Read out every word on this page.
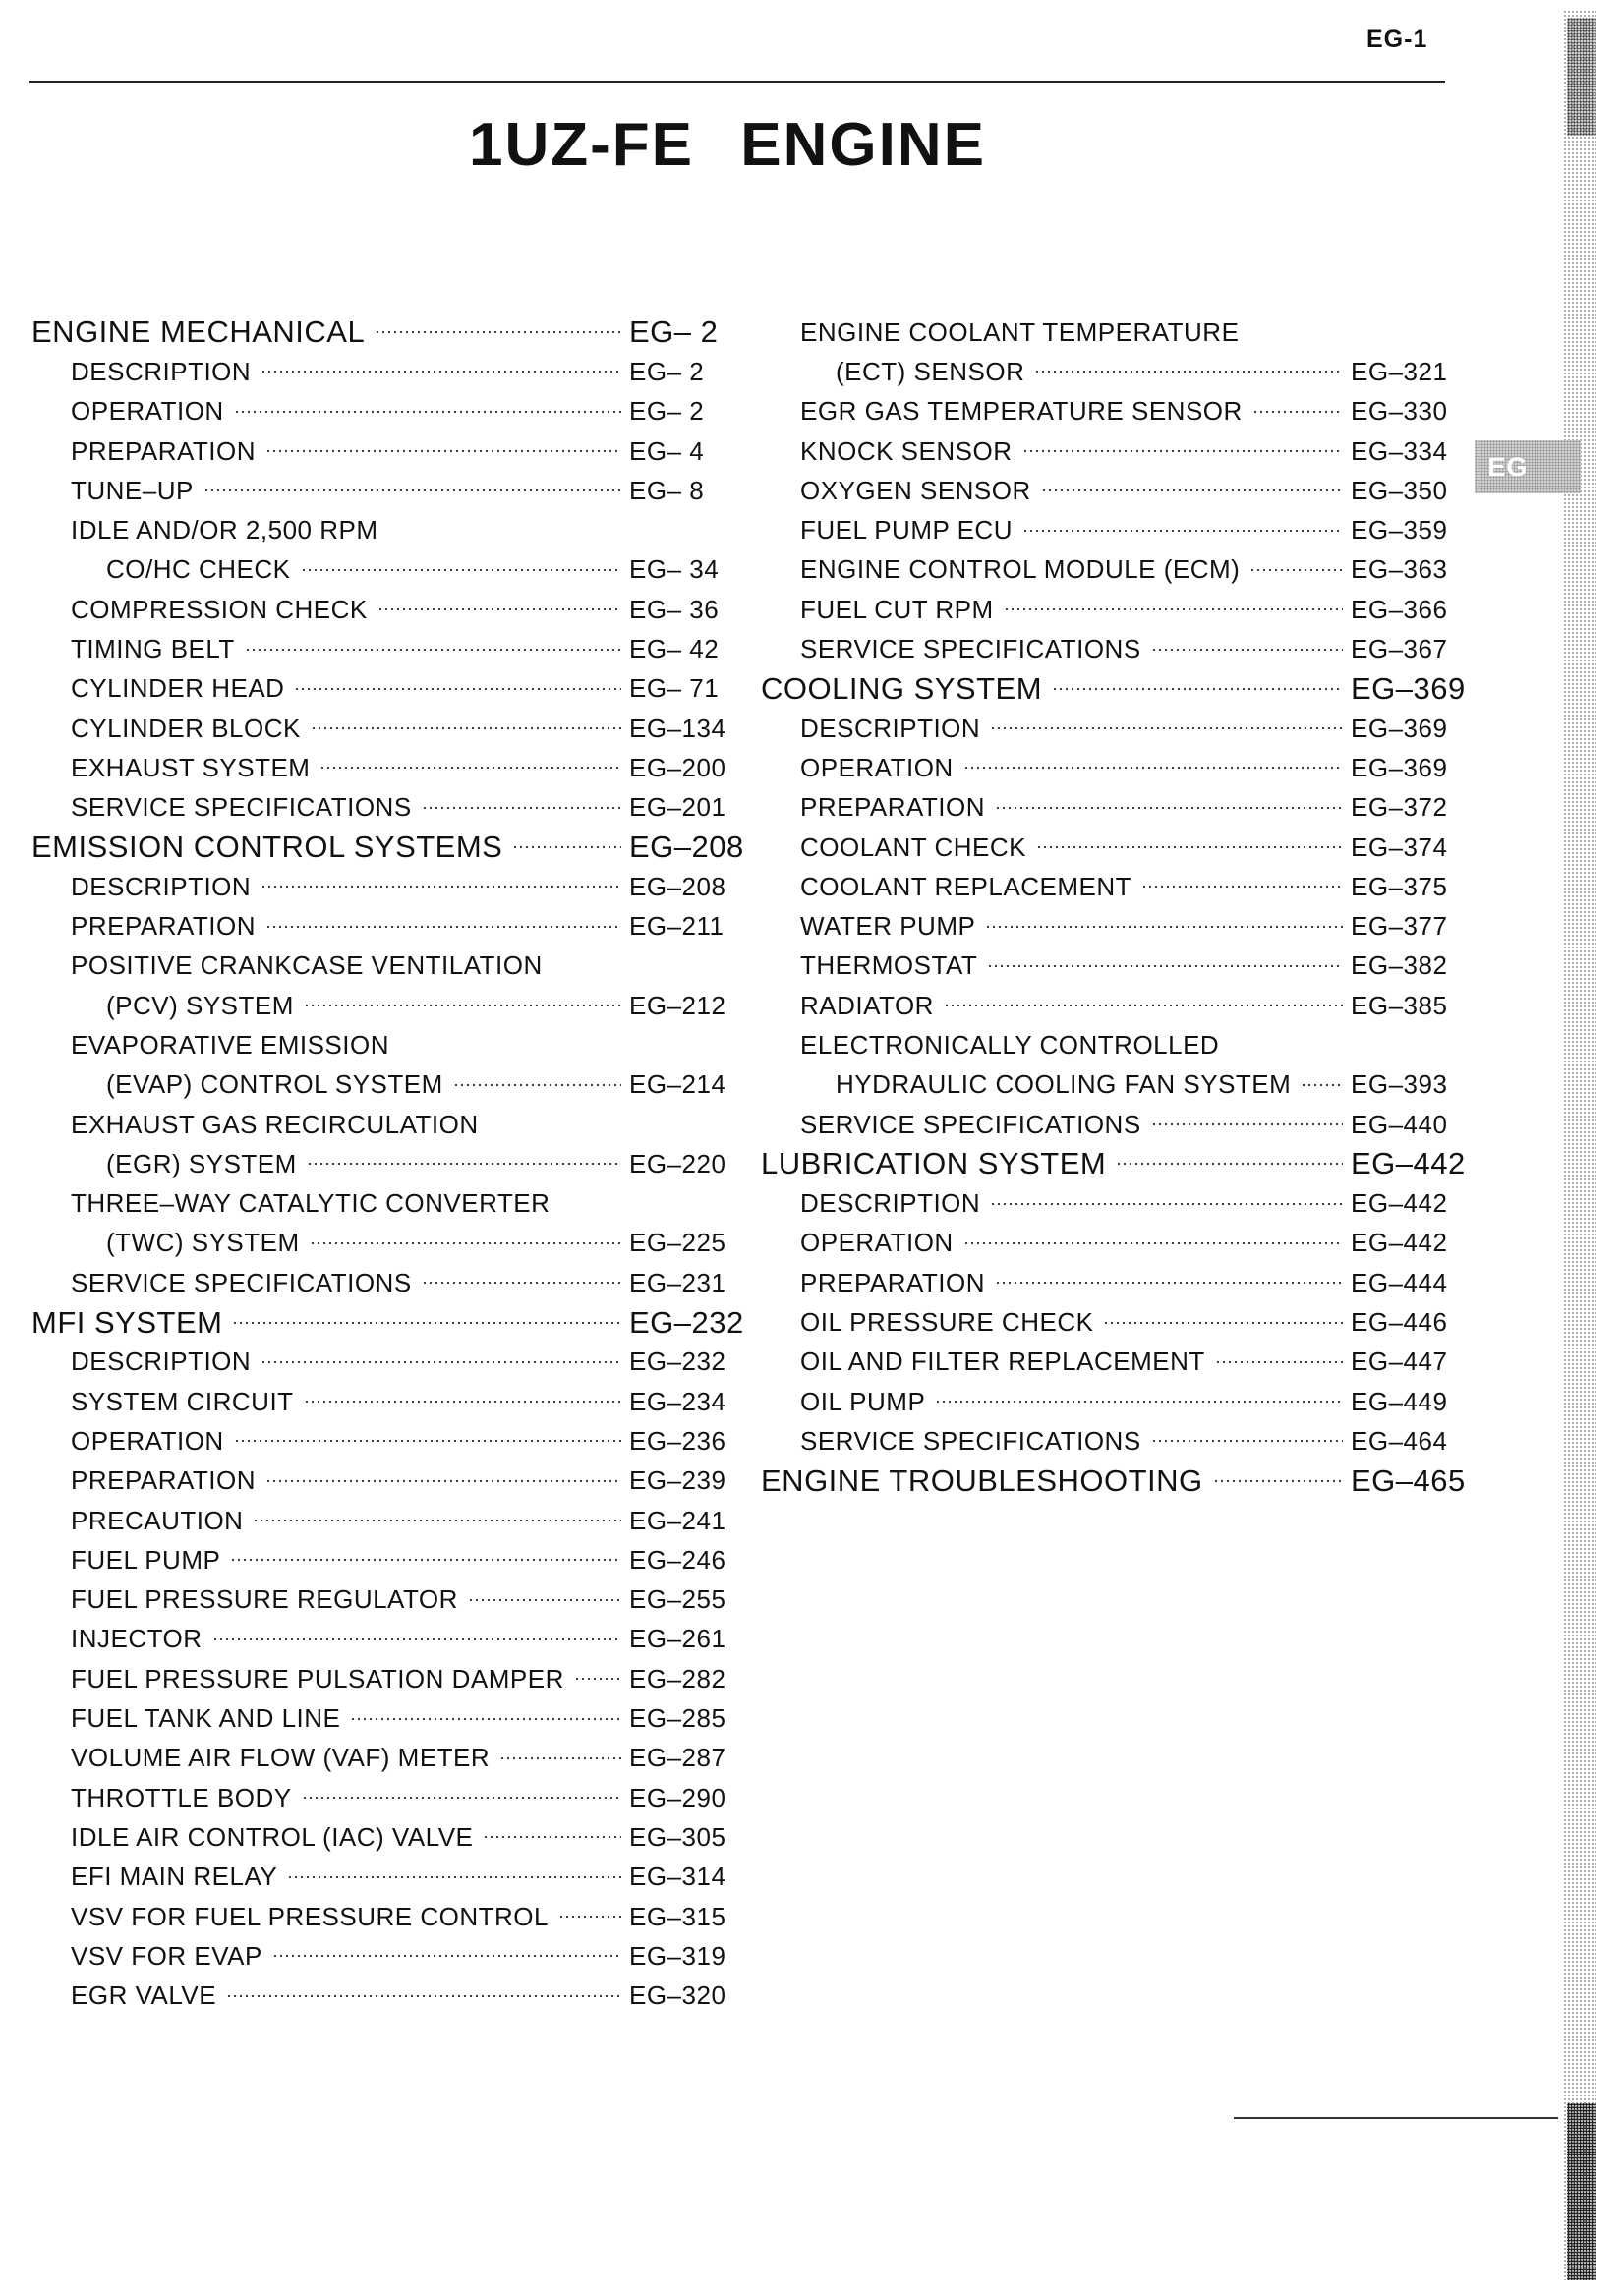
EG-1
1UZ-FE ENGINE
ENGINE MECHANICAL	EG– 2
DESCRIPTION	EG– 2
OPERATION	EG– 2
PREPARATION	EG– 4
TUNE–UP	EG– 8
IDLE AND/OR 2,500 RPM
CO/HC CHECK	EG– 34
COMPRESSION CHECK	EG– 36
TIMING BELT	EG– 42
CYLINDER HEAD	EG– 71
CYLINDER BLOCK	EG–134
EXHAUST SYSTEM	EG–200
SERVICE SPECIFICATIONS	EG–201
EMISSION CONTROL SYSTEMS	EG–208
DESCRIPTION	EG–208
PREPARATION	EG–211
POSITIVE CRANKCASE VENTILATION
(PCV) SYSTEM	EG–212
EVAPORATIVE EMISSION
(EVAP) CONTROL SYSTEM	EG–214
EXHAUST GAS RECIRCULATION
(EGR) SYSTEM	EG–220
THREE–WAY CATALYTIC CONVERTER
(TWC) SYSTEM	EG–225
SERVICE SPECIFICATIONS	EG–231
MFI SYSTEM	EG–232
DESCRIPTION	EG–232
SYSTEM CIRCUIT	EG–234
OPERATION	EG–236
PREPARATION	EG–239
PRECAUTION	EG–241
FUEL PUMP	EG–246
FUEL PRESSURE REGULATOR	EG–255
INJECTOR	EG–261
FUEL PRESSURE PULSATION DAMPER	EG–282
FUEL TANK AND LINE	EG–285
VOLUME AIR FLOW (VAF) METER	EG–287
THROTTLE BODY	EG–290
IDLE AIR CONTROL (IAC) VALVE	EG–305
EFI MAIN RELAY	EG–314
VSV FOR FUEL PRESSURE CONTROL	EG–315
VSV FOR EVAP	EG–319
EGR VALVE	EG–320
ENGINE COOLANT TEMPERATURE
(ECT) SENSOR	EG–321
EGR GAS TEMPERATURE SENSOR	EG–330
KNOCK SENSOR	EG–334
OXYGEN SENSOR	EG–350
FUEL PUMP ECU	EG–359
ENGINE CONTROL MODULE (ECM)	EG–363
FUEL CUT RPM	EG–366
SERVICE SPECIFICATIONS	EG–367
COOLING SYSTEM	EG–369
DESCRIPTION	EG–369
OPERATION	EG–369
PREPARATION	EG–372
COOLANT CHECK	EG–374
COOLANT REPLACEMENT	EG–375
WATER PUMP	EG–377
THERMOSTAT	EG–382
RADIATOR	EG–385
ELECTRONICALLY CONTROLLED
HYDRAULIC COOLING FAN SYSTEM EG–393
SERVICE SPECIFICATIONS	EG–440
LUBRICATION SYSTEM	EG–442
DESCRIPTION	EG–442
OPERATION	EG–442
PREPARATION	EG–444
OIL PRESSURE CHECK	EG–446
OIL AND FILTER REPLACEMENT	EG–447
OIL PUMP	EG–449
SERVICE SPECIFICATIONS	EG–464
ENGINE TROUBLESHOOTING	EG–465
EG
